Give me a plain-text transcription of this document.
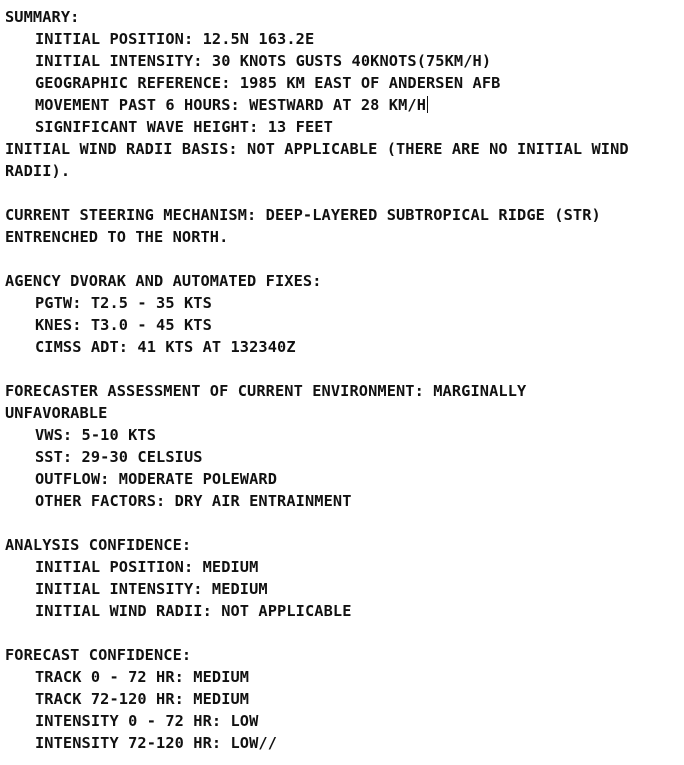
SUMMARY:
INITIAL POSITION: 12.5N 163.2E
INITIAL INTENSITY: 30 KNOTS GUSTS 40KNOTS(75KM/H)
GEOGRAPHIC REFERENCE: 1985 KM EAST OF ANDERSEN AFB
MOVEMENT PAST 6 HOURS: WESTWARD AT 28 KM/H
SIGNIFICANT WAVE HEIGHT: 13 FEET
INITIAL WIND RADII BASIS: NOT APPLICABLE (THERE ARE NO INITIAL WIND
RADII).
CURRENT STEERING MECHANISM: DEEP-LAYERED SUBTROPICAL RIDGE (STR)
ENTRENCHED TO THE NORTH.
AGENCY DVORAK AND AUTOMATED FIXES:
PGTW: T2.5 - 35 KTS
KNES: T3.0 - 45 KTS
CIMSS ADT: 41 KTS AT 132340Z
FORECASTER ASSESSMENT OF CURRENT ENVIRONMENT: MARGINALLY
UNFAVORABLE
VWS: 5-10 KTS
SST: 29-30 CELSIUS
OUTFLOW: MODERATE POLEWARD
OTHER FACTORS: DRY AIR ENTRAINMENT
ANALYSIS CONFIDENCE:
INITIAL POSITION: MEDIUM
INITIAL INTENSITY: MEDIUM
INITIAL WIND RADII: NOT APPLICABLE
FORECAST CONFIDENCE:
TRACK 0 - 72 HR: MEDIUM
TRACK 72-120 HR: MEDIUM
INTENSITY 0 - 72 HR: LOW
INTENSITY 72-120 HR: LOW//
